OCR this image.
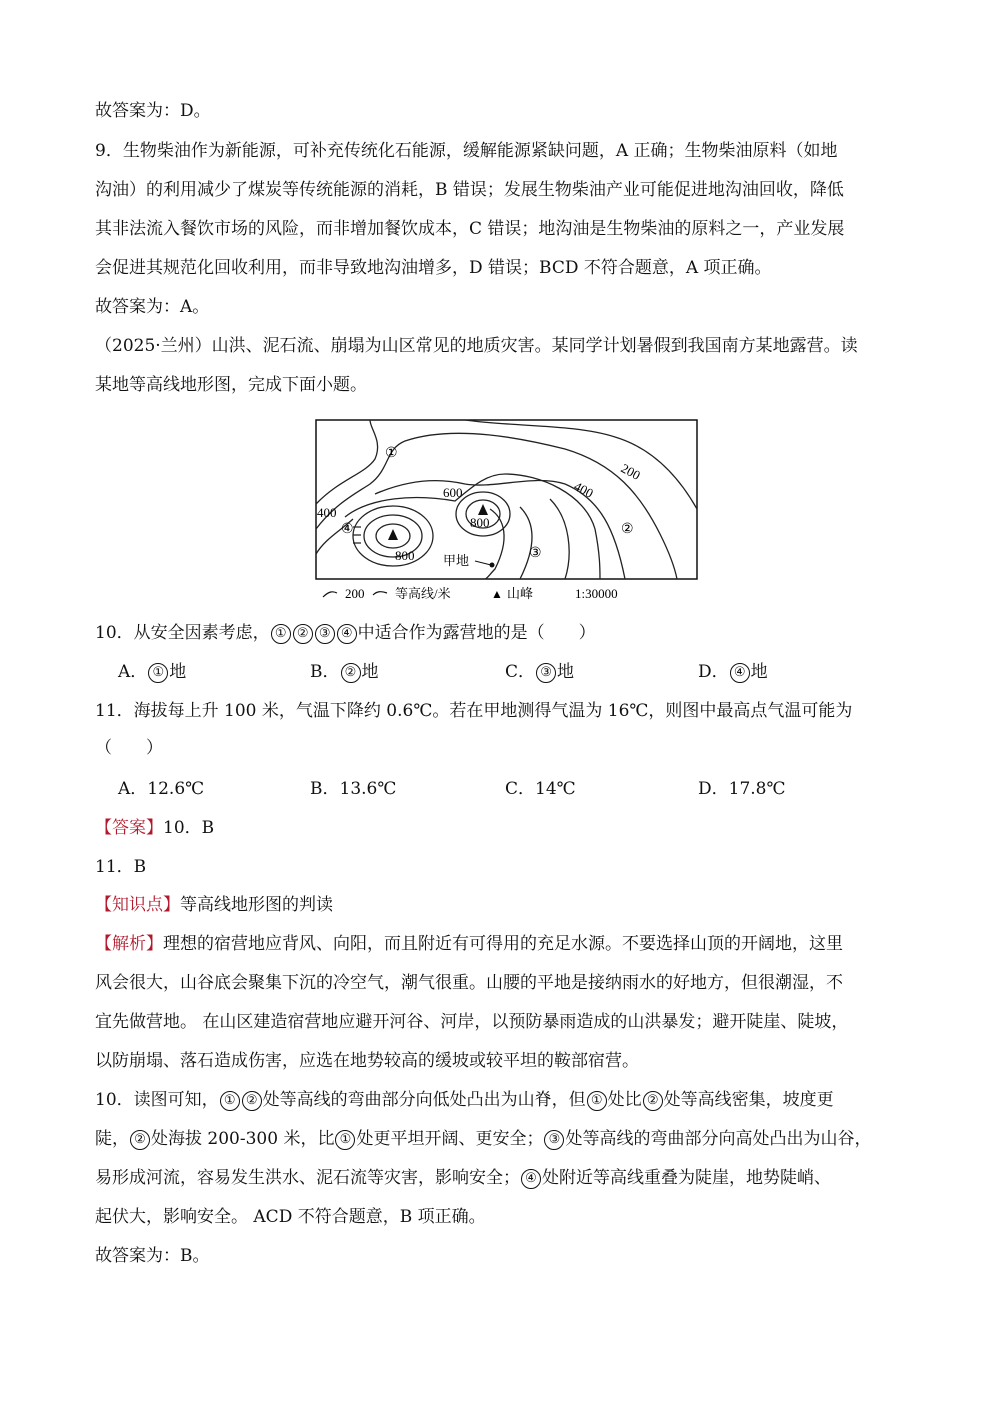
故答案为：D。
9．生物柴油作为新能源，可补充传统化石能源，缓解能源紧缺问题，A 正确；生物柴油原料（如地
沟油）的利用减少了煤炭等传统能源的消耗，B 错误；发展生物柴油产业可能促进地沟油回收，降低
其非法流入餐饮市场的风险，而非增加餐饮成本，C 错误；地沟油是生物柴油的原料之一，产业发展
会促进其规范化回收利用，而非导致地沟油增多，D 错误；BCD 不符合题意，A 项正确。
故答案为：A。
（2025·兰州）山洪、泥石流、崩塌为山区常见的地质灾害。某同学计划暑假到我国南方某地露营。读
某地等高线地形图，完成下面小题。
200
400
400
600
800
800 甲地
①
②
③
④
200 等高线/米	▲ 山峰	1:30000
10．从安全因素考虑， ① ② ③ ④ 中适合作为露营地的是（　　）
A． ① 地	B． ② 地	C． ③ 地	D． ④ 地
11．海拔每上升 100 米，气温下降约 0.6℃。若在甲地测得气温为 16℃，则图中最高点气温可能为
（　　）
A．12.6℃	B．13.6℃	C．14℃	D．17.8℃
【答案】10．B
11．B
【知识点】等高线地形图的判读
【解析】理想的宿营地应背风、向阳，而且附近有可得用的充足水源。不要选择山顶的开阔地，这里
风会很大，山谷底会聚集下沉的冷空气，潮气很重。山腰的平地是接纳雨水的好地方，但很潮湿，不
宜先做营地。 在山区建造宿营地应避开河谷、河岸，以预防暴雨造成的山洪暴发；避开陡崖、陡坡，
以防崩塌、落石造成伤害，应选在地势较高的缓坡或较平坦的鞍部宿营。
10．读图可知， ① ② 处等高线的弯曲部分向低处凸出为山脊，但 ① 处比 ② 处等高线密集，坡度更
陡， ② 处海拔 200-300 米，比 ① 处更平坦开阔、更安全； ③ 处等高线的弯曲部分向高处凸出为山谷，
易形成河流，容易发生洪水、泥石流等灾害，影响安全； ④ 处附近等高线重叠为陡崖，地势陡峭、
起伏大，影响安全。 ACD 不符合题意，B 项正确。
故答案为：B。
